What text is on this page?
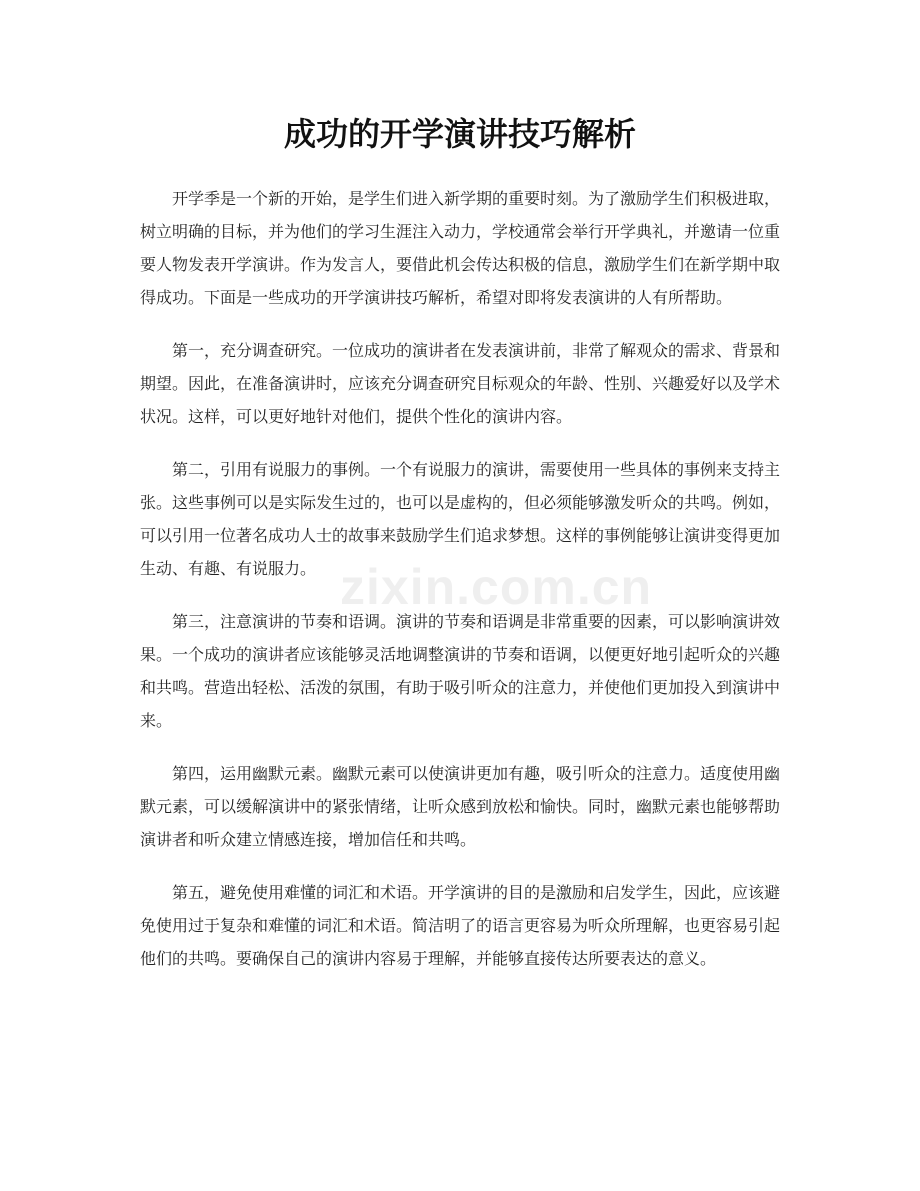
成功的开学演讲技巧解析
zixin.com.cn

开学季是一个新的开始，是学生们进入新学期的重要时刻。为了激励学生们积极进取，树立明确的目标，并为他们的学习生涯注入动力，学校通常会举行开学典礼，并邀请一位重要人物发表开学演讲。作为发言人，要借此机会传达积极的信息，激励学生们在新学期中取得成功。下面是一些成功的开学演讲技巧解析，希望对即将发表演讲的人有所帮助。

第一，充分调查研究。一位成功的演讲者在发表演讲前，非常了解观众的需求、背景和期望。因此，在准备演讲时，应该充分调查研究目标观众的年龄、性别、兴趣爱好以及学术状况。这样，可以更好地针对他们，提供个性化的演讲内容。

第二，引用有说服力的事例。一个有说服力的演讲，需要使用一些具体的事例来支持主张。这些事例可以是实际发生过的，也可以是虚构的，但必须能够激发听众的共鸣。例如，可以引用一位著名成功人士的故事来鼓励学生们追求梦想。这样的事例能够让演讲变得更加生动、有趣、有说服力。

第三，注意演讲的节奏和语调。演讲的节奏和语调是非常重要的因素，可以影响演讲效果。一个成功的演讲者应该能够灵活地调整演讲的节奏和语调，以便更好地引起听众的兴趣和共鸣。营造出轻松、活泼的氛围，有助于吸引听众的注意力，并使他们更加投入到演讲中来。

第四，运用幽默元素。幽默元素可以使演讲更加有趣，吸引听众的注意力。适度使用幽默元素，可以缓解演讲中的紧张情绪，让听众感到放松和愉快。同时，幽默元素也能够帮助演讲者和听众建立情感连接，增加信任和共鸣。

第五，避免使用难懂的词汇和术语。开学演讲的目的是激励和启发学生，因此，应该避免使用过于复杂和难懂的词汇和术语。简洁明了的语言更容易为听众所理解，也更容易引起他们的共鸣。要确保自己的演讲内容易于理解，并能够直接传达所要表达的意义。
